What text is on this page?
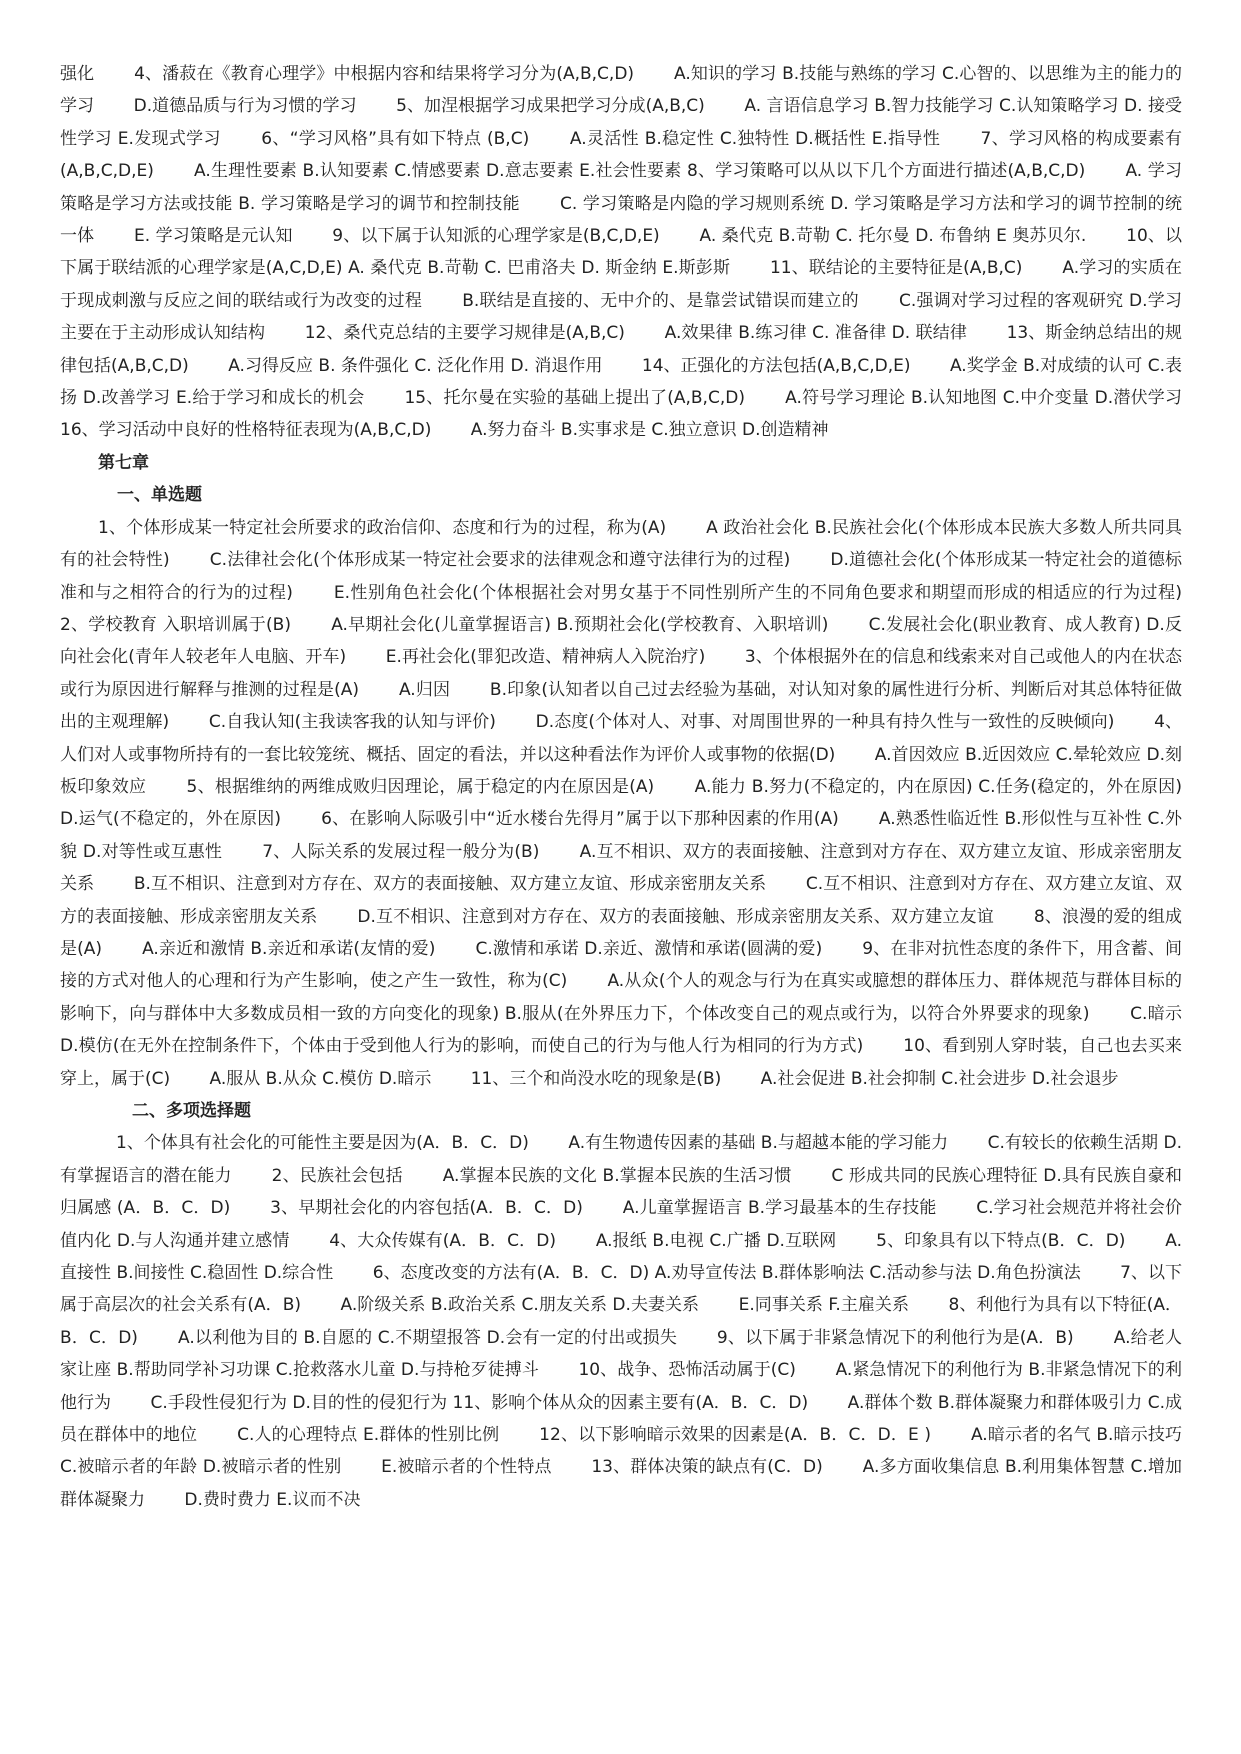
强化　　 4、潘菽在《教育心理学》中根据内容和结果将学习分为(A,B,C,D)　　 A.知识的学习 B.技能与熟练的学习 C.心智的、以思维为主的能力的学习　　 D.道德品质与行为习惯的学习　　 5、加涅根据学习成果把学习分成(A,B,C)　　 A. 言语信息学习 B.智力技能学习 C.认知策略学习 D. 接受性学习 E.发现式学习　　 6、“学习风格”具有如下特点 (B,C)　　 A.灵活性 B.稳定性 C.独特性 D.概括性 E.指导性　　 7、学习风格的构成要素有(A,B,C,D,E)　　 A.生理性要素 B.认知要素 C.情感要素 D.意志要素 E.社会性要素 8、学习策略可以从以下几个方面进行描述(A,B,C,D)　　 A. 学习策略是学习方法或技能 B. 学习策略是学习的调节和控制技能　　 C. 学习策略是内隐的学习规则系统 D. 学习策略是学习方法和学习的调节控制的统一体　　 E. 学习策略是元认知　　 9、以下属于认知派的心理学家是(B,C,D,E)　　 A. 桑代克 B.苛勒 C. 托尔曼 D. 布鲁纳 E 奥苏贝尔.　　 10、以下属于联结派的心理学家是(A,C,D,E) A. 桑代克 B.苛勒 C. 巴甫洛夫 D. 斯金纳 E.斯彭斯　　 11、联结论的主要特征是(A,B,C)　　 A.学习的实质在于现成刺激与反应之间的联结或行为改变的过程　　 B.联结是直接的、无中介的、是靠尝试错误而建立的　　 C.强调对学习过程的客观研究 D.学习主要在于主动形成认知结构　　 12、桑代克总结的主要学习规律是(A,B,C)　　 A.效果律 B.练习律 C. 准备律 D. 联结律　　 13、斯金纳总结出的规律包括(A,B,C,D)　　 A.习得反应 B. 条件强化 C. 泛化作用 D. 消退作用　　 14、正强化的方法包括(A,B,C,D,E)　　 A.奖学金 B.对成绩的认可 C.表扬 D.改善学习 E.给于学习和成长的机会　　 15、托尔曼在实验的基础上提出了(A,B,C,D)　　 A.符号学习理论 B.认知地图 C.中介变量 D.潜伏学习　　 16、学习活动中良好的性格特征表现为(A,B,C,D)　　 A.努力奋斗 B.实事求是 C.独立意识 D.创造精神

第七章

一、单选题

1、个体形成某一特定社会所要求的政治信仰、态度和行为的过程，称为(A)　　 A 政治社会化 B.民族社会化(个体形成本民族大多数人所共同具有的社会特性)　　 C.法律社会化(个体形成某一特定社会要求的法律观念和遵守法律行为的过程)　　 D.道德社会化(个体形成某一特定社会的道德标准和与之相符合的行为的过程)　　 E.性别角色社会化(个体根据社会对男女基于不同性别所产生的不同角色要求和期望而形成的相适应的行为过程)　　 2、学校教育 入职培训属于(B)　　 A.早期社会化(儿童掌握语言) B.预期社会化(学校教育、入职培训)　　 C.发展社会化(职业教育、成人教育) D.反向社会化(青年人较老年人电脑、开车)　　 E.再社会化(罪犯改造、精神病人入院治疗)　　 3、个体根据外在的信息和线索来对自己或他人的内在状态或行为原因进行解释与推测的过程是(A)　　 A.归因　　 B.印象(认知者以自己过去经验为基础，对认知对象的属性进行分析、判断后对其总体特征做出的主观理解)　　 C.自我认知(主我读客我的认知与评价)　　 D.态度(个体对人、对事、对周围世界的一种具有持久性与一致性的反映倾向)　　 4、人们对人或事物所持有的一套比较笼统、概括、固定的看法，并以这种看法作为评价人或事物的依据(D)　　 A.首因效应 B.近因效应 C.晕轮效应 D.刻板印象效应　　 5、根据维纳的两维成败归因理论，属于稳定的内在原因是(A)　　 A.能力 B.努力(不稳定的，内在原因) C.任务(稳定的，外在原因)　　 D.运气(不稳定的，外在原因)　　 6、在影响人际吸引中“近水楼台先得月”属于以下那种因素的作用(A)　　 A.熟悉性临近性 B.形似性与互补性 C.外貌 D.对等性或互惠性　　 7、人际关系的发展过程一般分为(B)　　 A.互不相识、双方的表面接触、注意到对方存在、双方建立友谊、形成亲密朋友关系　　 B.互不相识、注意到对方存在、双方的表面接触、双方建立友谊、形成亲密朋友关系　　 C.互不相识、注意到对方存在、双方建立友谊、双方的表面接触、形成亲密朋友关系　　 D.互不相识、注意到对方存在、双方的表面接触、形成亲密朋友关系、双方建立友谊　　 8、浪漫的爱的组成是(A)　　 A.亲近和激情 B.亲近和承诺(友情的爱)　　 C.激情和承诺 D.亲近、激情和承诺(圆满的爱)　　 9、在非对抗性态度的条件下，用含蓄、间接的方式对他人的心理和行为产生影响，使之产生一致性，称为(C)　　 A.从众(个人的观念与行为在真实或臆想的群体压力、群体规范与群体目标的影响下，向与群体中大多数成员相一致的方向变化的现象) B.服从(在外界压力下，个体改变自己的观点或行为，以符合外界要求的现象)　　 C.暗示　　 D.模仿(在无外在控制条件下，个体由于受到他人行为的影响，而使自己的行为与他人行为相同的行为方式)　　 10、看到别人穿时装，自己也去买来穿上，属于(C)　　 A.服从 B.从众 C.模仿 D.暗示　　 11、三个和尚没水吃的现象是(B)　　 A.社会促进 B.社会抑制 C.社会进步 D.社会退步

二、多项选择题

1、个体具有社会化的可能性主要是因为(A．B．C．D)　　 A.有生物遗传因素的基础 B.与超越本能的学习能力　　 C.有较长的依赖生活期 D.有掌握语言的潜在能力　　 2、民族社会包括　　 A.掌握本民族的文化 B.掌握本民族的生活习惯　　 C 形成共同的民族心理特征 D.具有民族自豪和归属感 (A．B．C．D)　　 3、早期社会化的内容包括(A．B．C．D)　　 A.儿童掌握语言 B.学习最基本的生存技能　　 C.学习社会规范并将社会价值内化 D.与人沟通并建立感情　　 4、大众传媒有(A．B．C．D)　　 A.报纸 B.电视 C.广播 D.互联网　　 5、印象具有以下特点(B．C．D)　　 A.直接性 B.间接性 C.稳固性 D.综合性　　 6、态度改变的方法有(A．B．C．D) A.劝导宣传法 B.群体影响法 C.活动参与法 D.角色扮演法　　 7、以下属于高层次的社会关系有(A．B)　　 A.阶级关系 B.政治关系 C.朋友关系 D.夫妻关系　　 E.同事关系 F.主雇关系　　 8、利他行为具有以下特征(A．B．C．D)　　 A.以利他为目的 B.自愿的 C.不期望报答 D.会有一定的付出或损失　　 9、以下属于非紧急情况下的利他行为是(A．B)　　 A.给老人家让座 B.帮助同学补习功课 C.抢救落水儿童 D.与持枪歹徒搏斗　　 10、战争、恐怖活动属于(C)　　 A.紧急情况下的利他行为 B.非紧急情况下的利他行为　　 C.手段性侵犯行为 D.目的性的侵犯行为 11、影响个体从众的因素主要有(A．B．C．D)　　 A.群体个数 B.群体凝聚力和群体吸引力 C.成员在群体中的地位　　 C.人的心理特点 E.群体的性别比例　　 12、以下影响暗示效果的因素是(A．B．C．D．E )　　 A.暗示者的名气 B.暗示技巧 C.被暗示者的年龄 D.被暗示者的性别　　 E.被暗示者的个性特点　　 13、群体决策的缺点有(C．D)　　 A.多方面收集信息 B.利用集体智慧 C.增加群体凝聚力　　 D.费时费力 E.议而不决
